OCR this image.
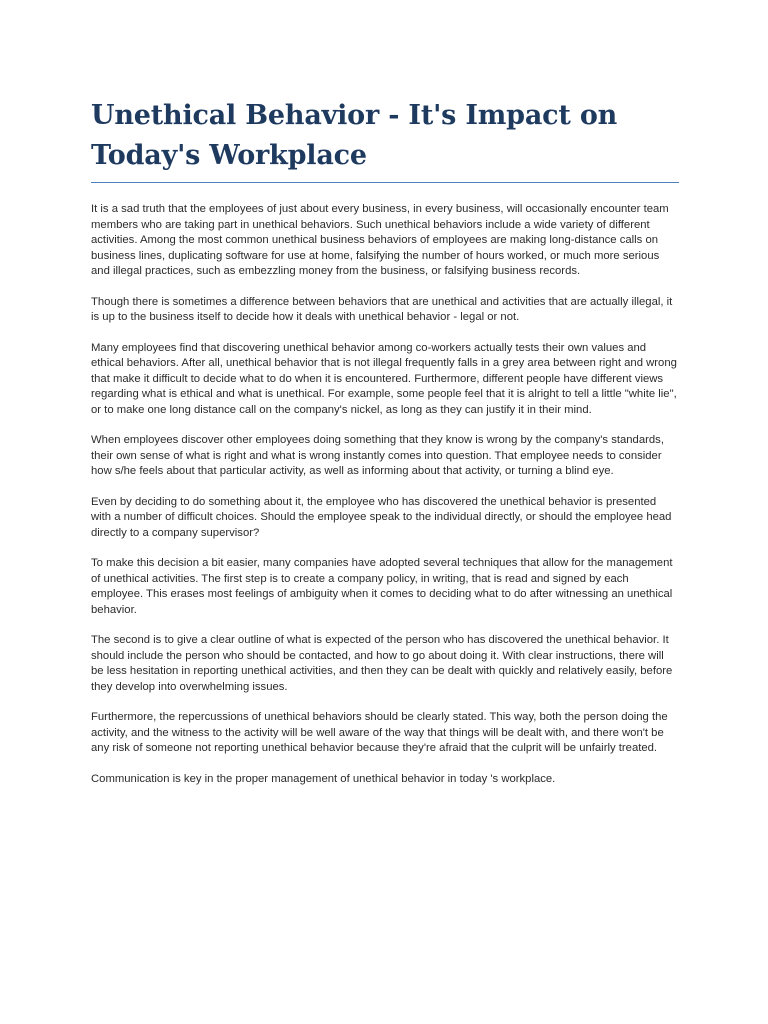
Unethical Behavior - It's Impact on Today's Workplace

It is a sad truth that the employees of just about every business, in every business, will occasionally encounter team members who are taking part in unethical behaviors. Such unethical behaviors include a wide variety of different activities. Among the most common unethical business behaviors of employees are making long-distance calls on business lines, duplicating software for use at home, falsifying the number of hours worked, or much more serious and illegal practices, such as embezzling money from the business, or falsifying business records.

Though there is sometimes a difference between behaviors that are unethical and activities that are actually illegal, it is up to the business itself to decide how it deals with unethical behavior - legal or not.

Many employees find that discovering unethical behavior among co-workers actually tests their own values and ethical behaviors. After all, unethical behavior that is not illegal frequently falls in a grey area between right and wrong that make it difficult to decide what to do when it is encountered. Furthermore, different people have different views regarding what is ethical and what is unethical. For example, some people feel that it is alright to tell a little "white lie", or to make one long distance call on the company's nickel, as long as they can justify it in their mind.

When employees discover other employees doing something that they know is wrong by the company's standards, their own sense of what is right and what is wrong instantly comes into question. That employee needs to consider how s/he feels about that particular activity, as well as informing about that activity, or turning a blind eye.

Even by deciding to do something about it, the employee who has discovered the unethical behavior is presented with a number of difficult choices. Should the employee speak to the individual directly, or should the employee head directly to a company supervisor?

To make this decision a bit easier, many companies have adopted several techniques that allow for the management of unethical activities. The first step is to create a company policy, in writing, that is read and signed by each employee. This erases most feelings of ambiguity when it comes to deciding what to do after witnessing an unethical behavior.

The second is to give a clear outline of what is expected of the person who has discovered the unethical behavior. It should include the person who should be contacted, and how to go about doing it. With clear instructions, there will be less hesitation in reporting unethical activities, and then they can be dealt with quickly and relatively easily, before they develop into overwhelming issues.

Furthermore, the repercussions of unethical behaviors should be clearly stated. This way, both the person doing the activity, and the witness to the activity will be well aware of the way that things will be dealt with, and there won't be any risk of someone not reporting unethical behavior because they're afraid that the culprit will be unfairly treated.

Communication is key in the proper management of unethical behavior in today 's workplace.
